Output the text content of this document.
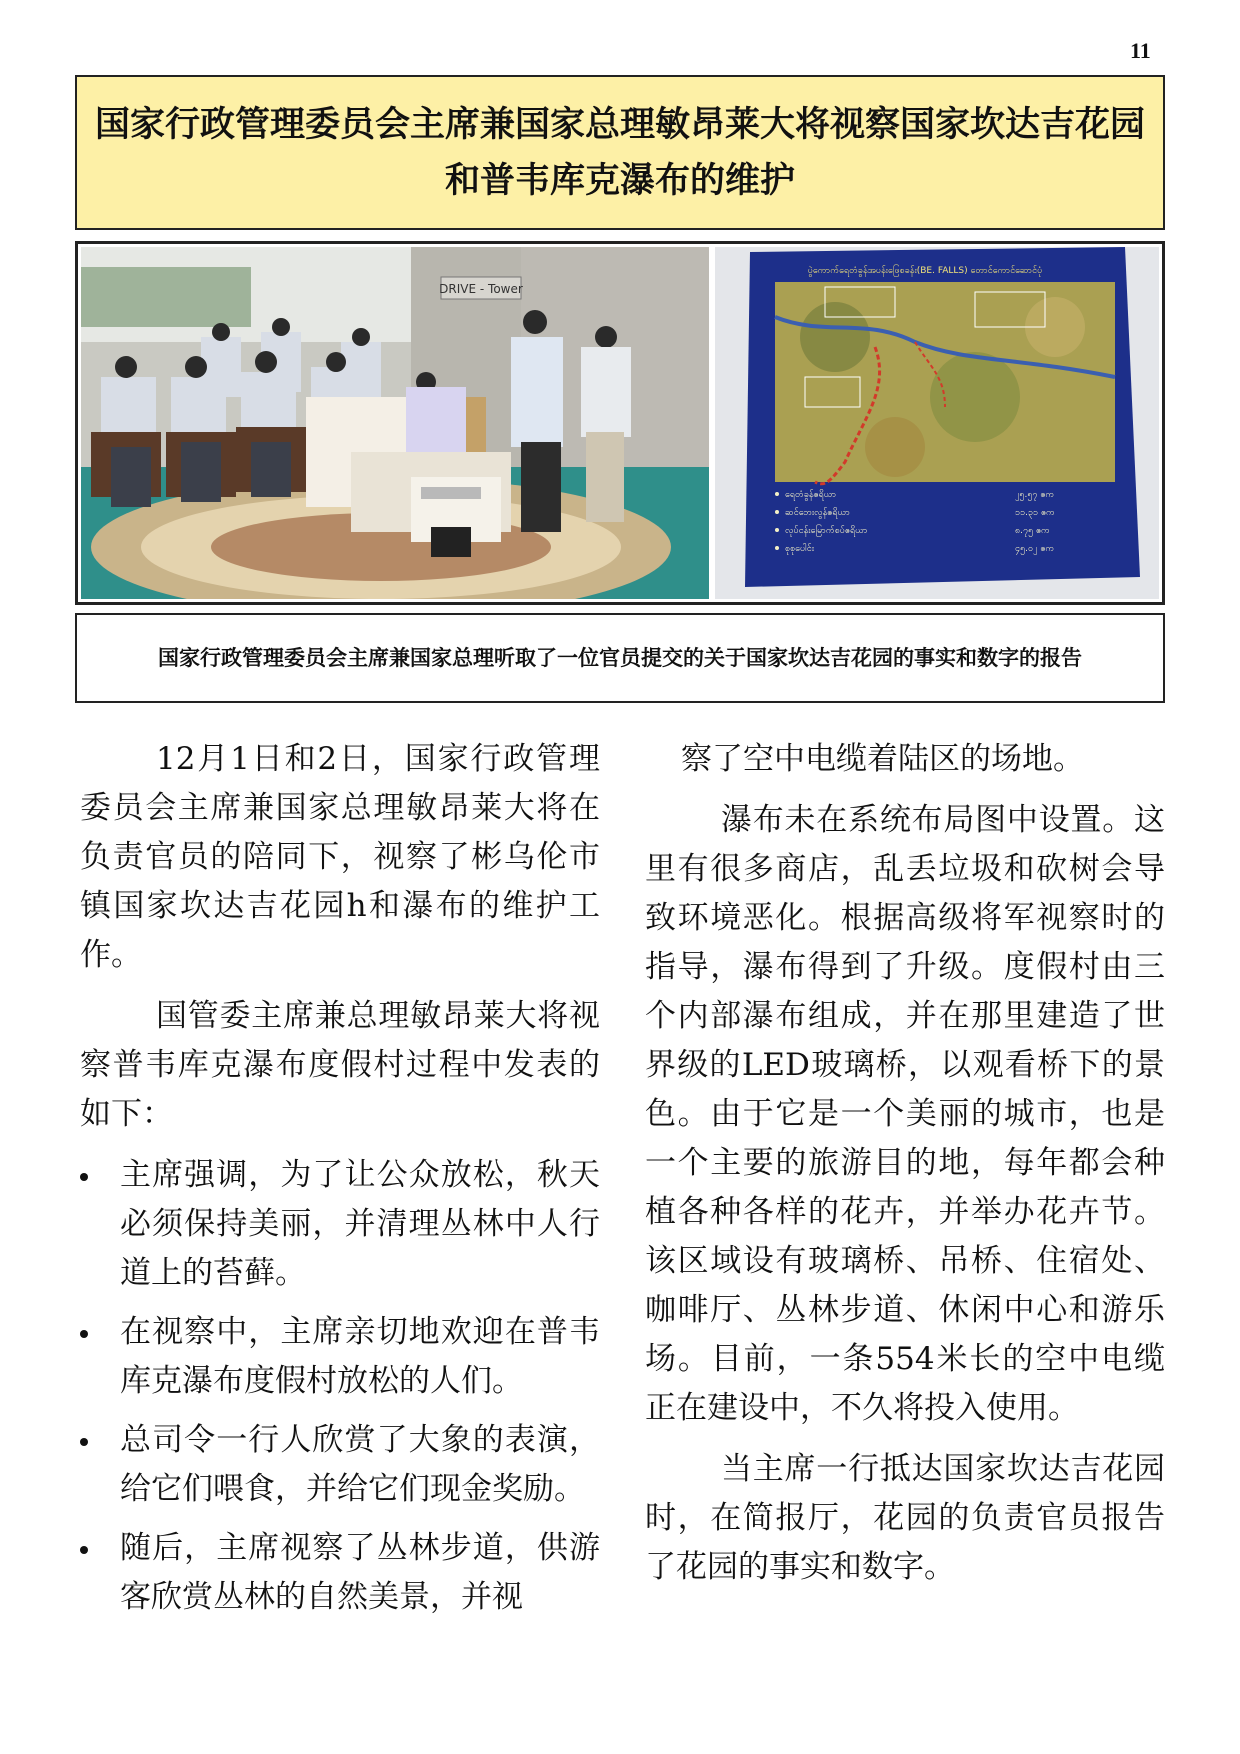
11
国家行政管理委员会主席兼国家总理敏昂莱大将视察国家坎达吉花园和普韦库克瀑布的维护
DRIVE - Tower
ပွဲကောက်ရေတံခွန်အပန်းဖြေစခန်း(BE. FALLS) တောင်ကောင်ဆောင်ပုံ
ရေတံခွန်ဧရိယာ	၂၅.၅၇ ဧက
ဆင်ဘေးလွန်ဧရိယာ	၁၁.၃၁ ဧက
လုပ်ငန်းမြောက်စပ်ဧရိယာ	၈.၇၅ ဧက
စုစုပေါင်း	၄၅.၀၂ ဧက
国家行政管理委员会主席兼国家总理听取了一位官员提交的关于国家坎达吉花园的事实和数字的报告

12月1日和2日，国家行政管理委员会主席兼国家总理敏昂莱大将在负责官员的陪同下，视察了彬乌伦市镇国家坎达吉花园h和瀑布的维护工作。

国管委主席兼总理敏昂莱大将视察普韦库克瀑布度假村过程中发表的如下：

主席强调，为了让公众放松，秋天必须保持美丽，并清理丛林中人行道上的苔藓。
在视察中，主席亲切地欢迎在普韦库克瀑布度假村放松的人们。
总司令一行人欣赏了大象的表演，给它们喂食，并给它们现金奖励。
随后，主席视察了丛林步道，供游客欣赏丛林的自然美景，并视

察了空中电缆着陆区的场地。

瀑布未在系统布局图中设置。这里有很多商店，乱丢垃圾和砍树会导致环境恶化。根据高级将军视察时的指导，瀑布得到了升级。度假村由三个内部瀑布组成，并在那里建造了世界级的LED玻璃桥，以观看桥下的景色。由于它是一个美丽的城市，也是一个主要的旅游目的地，每年都会种植各种各样的花卉，并举办花卉节。该区域设有玻璃桥、吊桥、住宿处、咖啡厅、丛林步道、休闲中心和游乐场。目前，一条554米长的空中电缆正在建设中，不久将投入使用。

当主席一行抵达国家坎达吉花园时，在简报厅，花园的负责官员报告了花园的事实和数字。
